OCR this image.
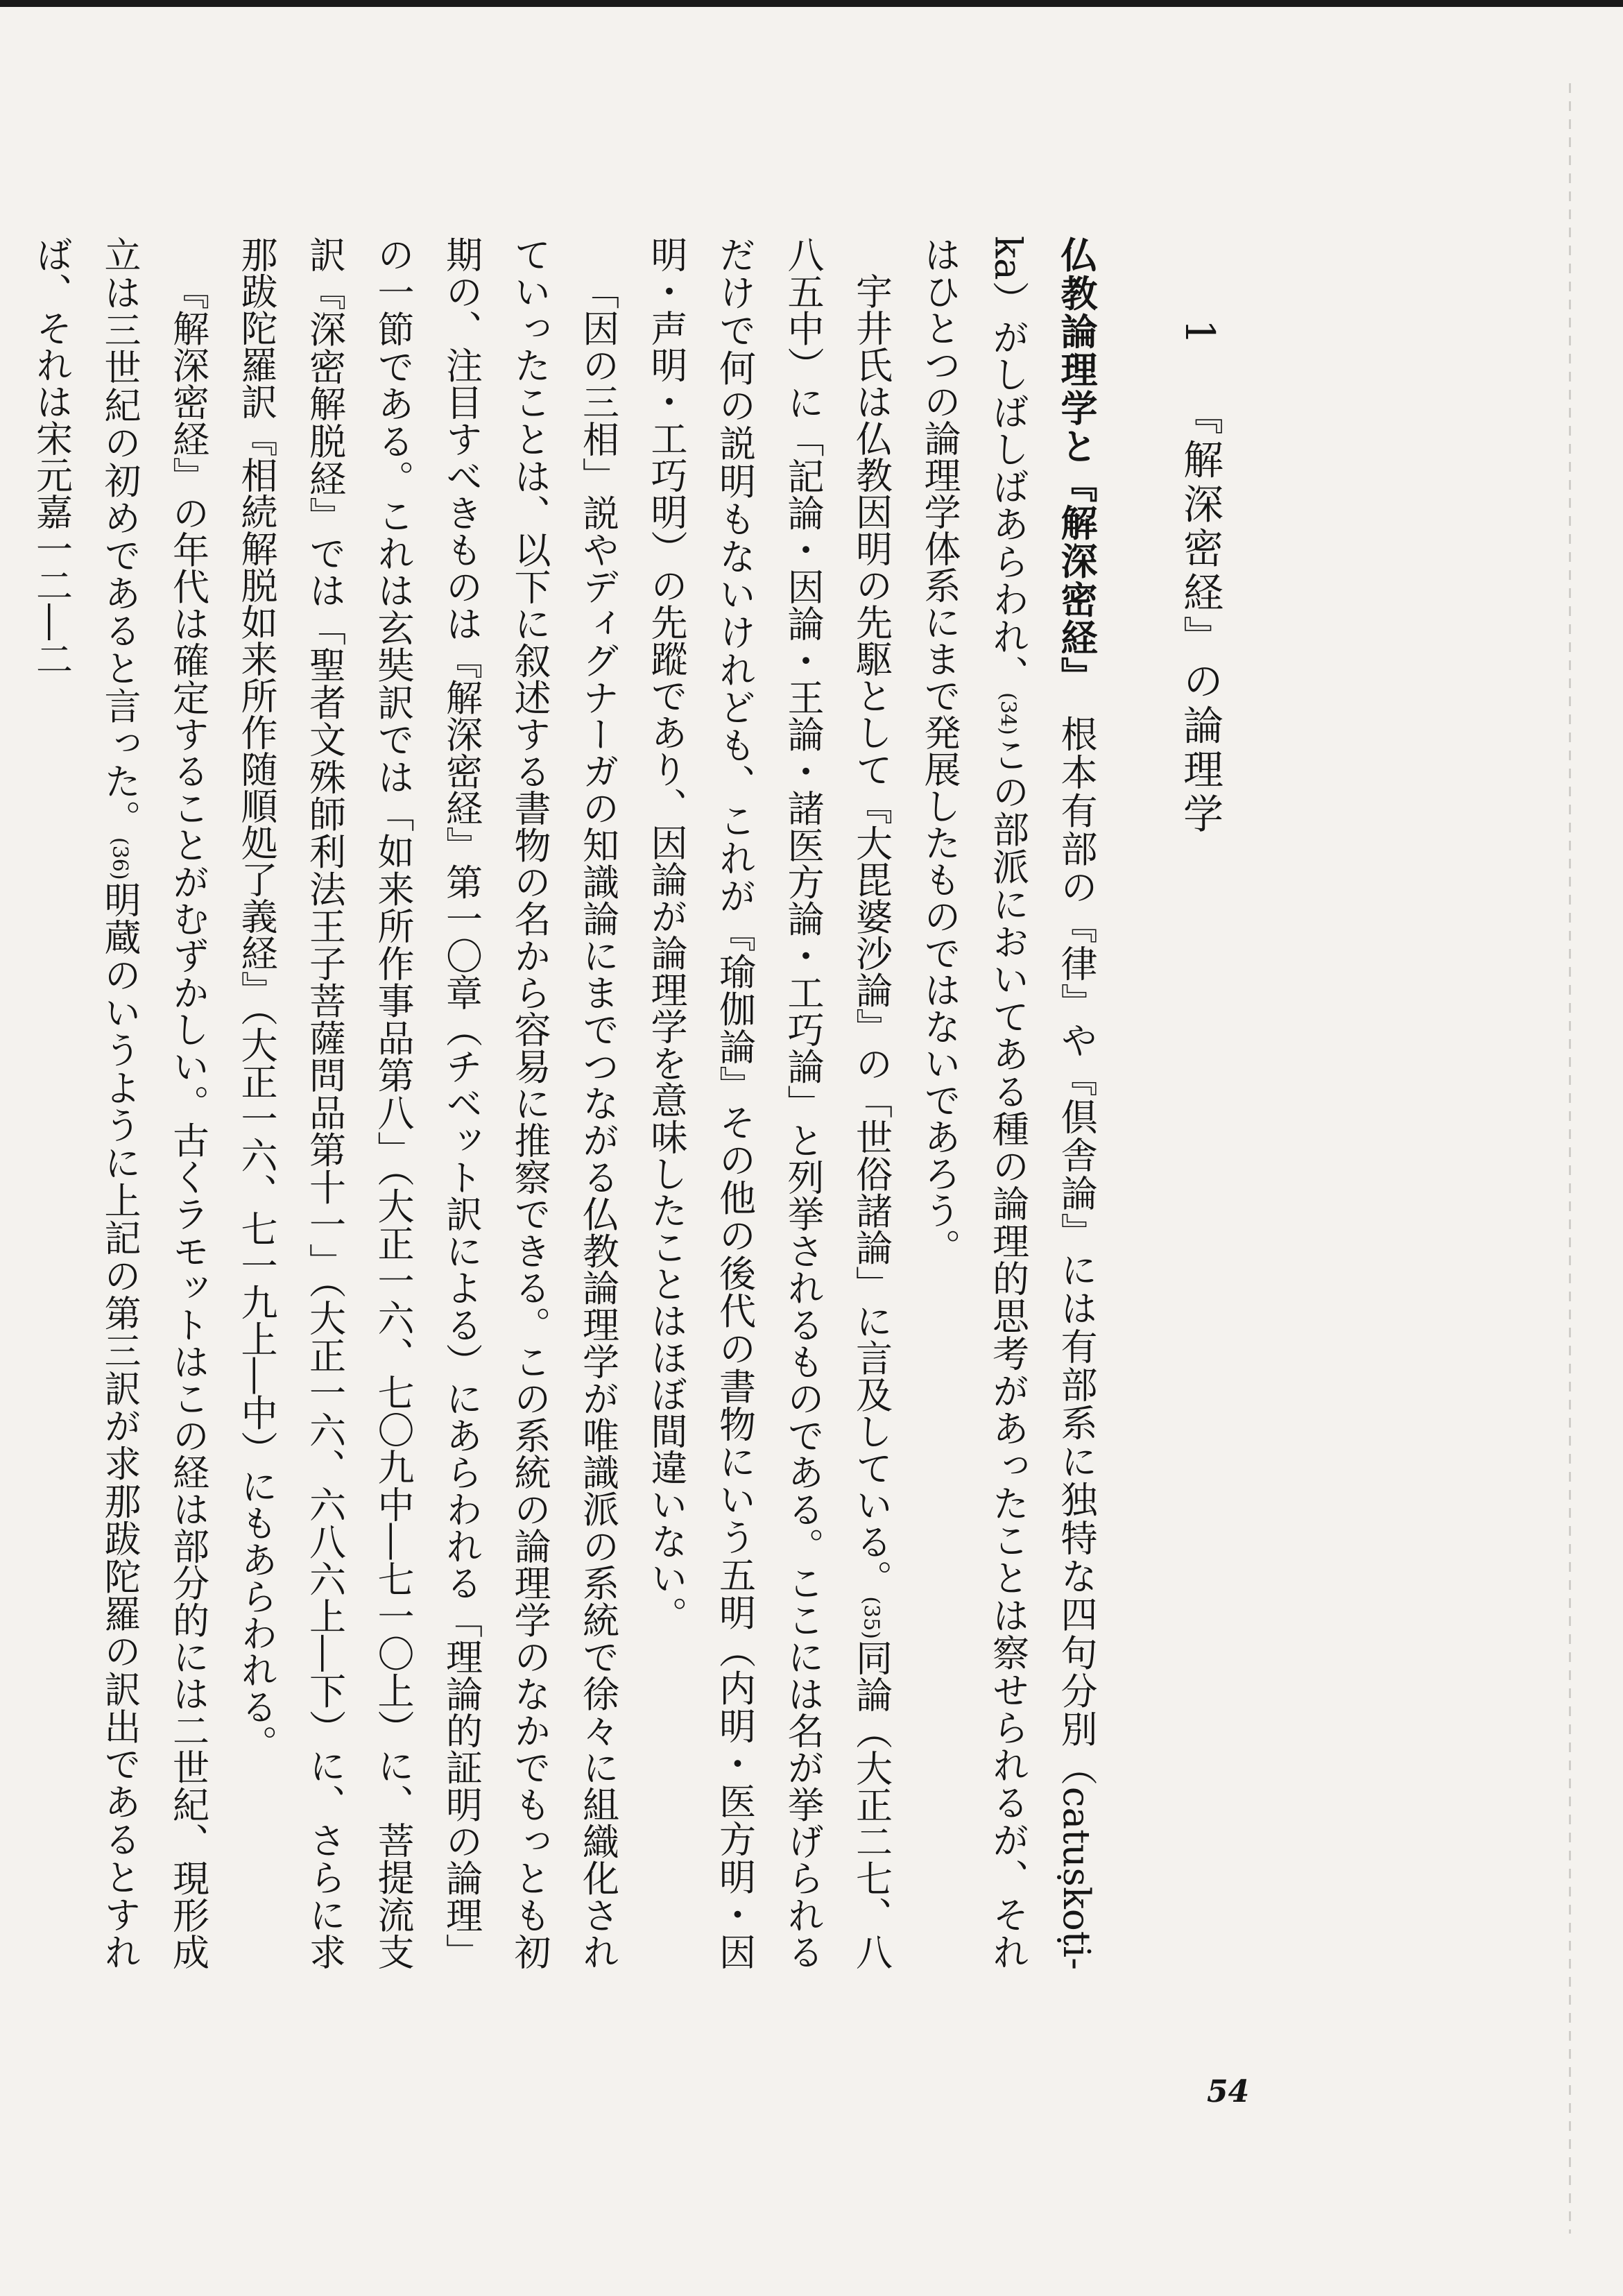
1『解深密経』の論理学

仏教論理学と『解深密経』　根本有部の『律』や『倶舎論』には有部系に独特な四句分別（catuṣkoṭi-ka）がしばしばあらわれ、(34)この部派においてある種の論理的思考があったことは察せられるが、それはひとつの論理学体系にまで発展したものではないであろう。

宇井氏は仏教因明の先駆として『大毘婆沙論』の「世俗諸論」に言及している。(35)同論（大正二七、八八五中）に「記論・因論・王論・諸医方論・工巧論」と列挙されるものである。ここには名が挙げられるだけで何の説明もないけれども、これが『瑜伽論』その他の後代の書物にいう五明（内明・医方明・因明・声明・工巧明）の先蹤であり、因論が論理学を意味したことはほぼ間違いない。

「因の三相」説やディグナーガの知識論にまでつながる仏教論理学が唯識派の系統で徐々に組織化されていったことは、以下に叙述する書物の名から容易に推察できる。この系統の論理学のなかでもっとも初期の、注目すべきものは『解深密経』第一〇章（チベット訳による）にあらわれる「理論的証明の論理」の一節である。これは玄奘訳では「如来所作事品第八」（大正一六、七〇九中―七一〇上）に、菩提流支訳『深密解脱経』では「聖者文殊師利法王子菩薩問品第十一」（大正一六、六八六上―下）に、さらに求那跋陀羅訳『相続解脱如来所作随順処了義経』（大正一六、七一九上―中）にもあらわれる。

『解深密経』の年代は確定することがむずかしい。古くラモットはこの経は部分的には二世紀、現形成立は三世紀の初めであると言った。(36)明蔵のいうように上記の第三訳が求那跋陀羅の訳出であるとすれば、それは宋元嘉一二―二

54
